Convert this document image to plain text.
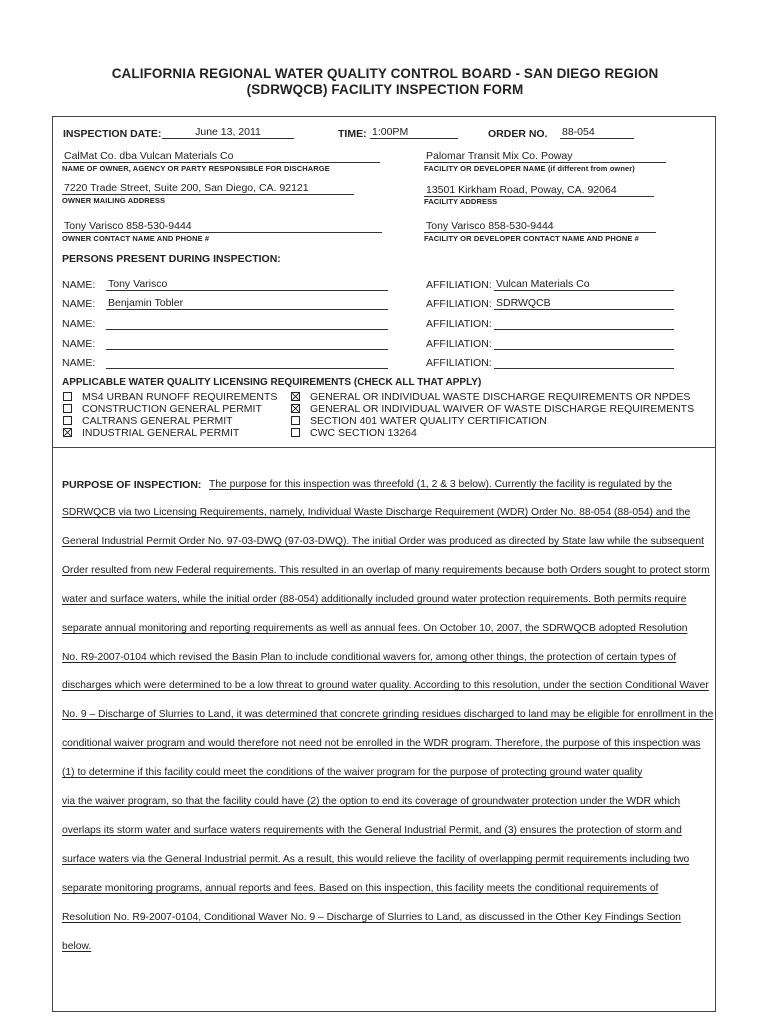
CALIFORNIA REGIONAL WATER QUALITY CONTROL BOARD - SAN DIEGO REGION
(SDRWQCB) FACILITY INSPECTION FORM
INSPECTION DATE:	June 13, 2011	TIME: 1:00PM	ORDER NO. 88-054
CalMat Co. dba Vulcan Materials Co
NAME OF OWNER, AGENCY OR PARTY RESPONSIBLE FOR DISCHARGE
7220 Trade Street, Suite 200, San Diego, CA. 92121
OWNER MAILING ADDRESS
Tony Varisco 858-530-9444
OWNER CONTACT NAME AND PHONE #
Palomar Transit Mix Co. Poway
FACILITY OR DEVELOPER NAME (if different from owner)
13501 Kirkham Road, Poway, CA. 92064
FACILITY ADDRESS
Tony Varisco 858-530-9444
FACILITY OR DEVELOPER CONTACT NAME AND PHONE #
PERSONS PRESENT DURING INSPECTION:
NAME: Tony Varisco	AFFILIATION: Vulcan Materials Co
NAME: Benjamin Tobler	AFFILIATION: SDRWQCB
NAME:	AFFILIATION:
NAME:	AFFILIATION:
NAME:	AFFILIATION:
APPLICABLE WATER QUALITY LICENSING REQUIREMENTS (CHECK ALL THAT APPLY)
MS4 URBAN RUNOFF REQUIREMENTS
CONSTRUCTION GENERAL PERMIT
CALTRANS GENERAL PERMIT
INDUSTRIAL GENERAL PERMIT
GENERAL OR INDIVIDUAL WASTE DISCHARGE REQUIREMENTS OR NPDES
GENERAL OR INDIVIDUAL WAIVER OF WASTE DISCHARGE REQUIREMENTS
SECTION 401 WATER QUALITY CERTIFICATION
CWC SECTION 13264
PURPOSE OF INSPECTION: The purpose for this inspection was threefold (1, 2 & 3 below). Currently the facility is regulated by the
SDRWQCB via two Licensing Requirements, namely, Individual Waste Discharge Requirement (WDR) Order No. 88-054 (88-054) and the
General Industrial Permit Order No. 97-03-DWQ (97-03-DWQ). The initial Order was produced as directed by State law while the subsequent
Order resulted from new Federal requirements. This resulted in an overlap of many requirements because both Orders sought to protect storm
water and surface waters, while the initial order (88-054) additionally included ground water protection requirements. Both permits require
separate annual monitoring and reporting requirements as well as annual fees. On October 10, 2007, the SDRWQCB adopted Resolution
No. R9-2007-0104 which revised the Basin Plan to include conditional wavers for, among other things, the protection of certain types of
discharges which were determined to be a low threat to ground water quality. According to this resolution, under the section Conditional Waver
No. 9 – Discharge of Slurries to Land, it was determined that concrete grinding residues discharged to land may be eligible for enrollment in the
conditional waiver program and would therefore not need not be enrolled in the WDR program. Therefore, the purpose of this inspection was
(1) to determine if this facility could meet the conditions of the waiver program for the purpose of protecting ground water quality
via the waiver program, so that the facility could have (2) the option to end its coverage of groundwater protection under the WDR which
overlaps its storm water and surface waters requirements with the General Industrial Permit, and (3) ensures the protection of storm and
surface waters via the General Industrial permit. As a result, this would relieve the facility of overlapping permit requirements including two
separate monitoring programs, annual reports and fees. Based on this inspection, this facility meets the conditional requirements of
Resolution No. R9-2007-0104, Conditional Waver No. 9 – Discharge of Slurries to Land, as discussed in the Other Key Findings Section
below.
